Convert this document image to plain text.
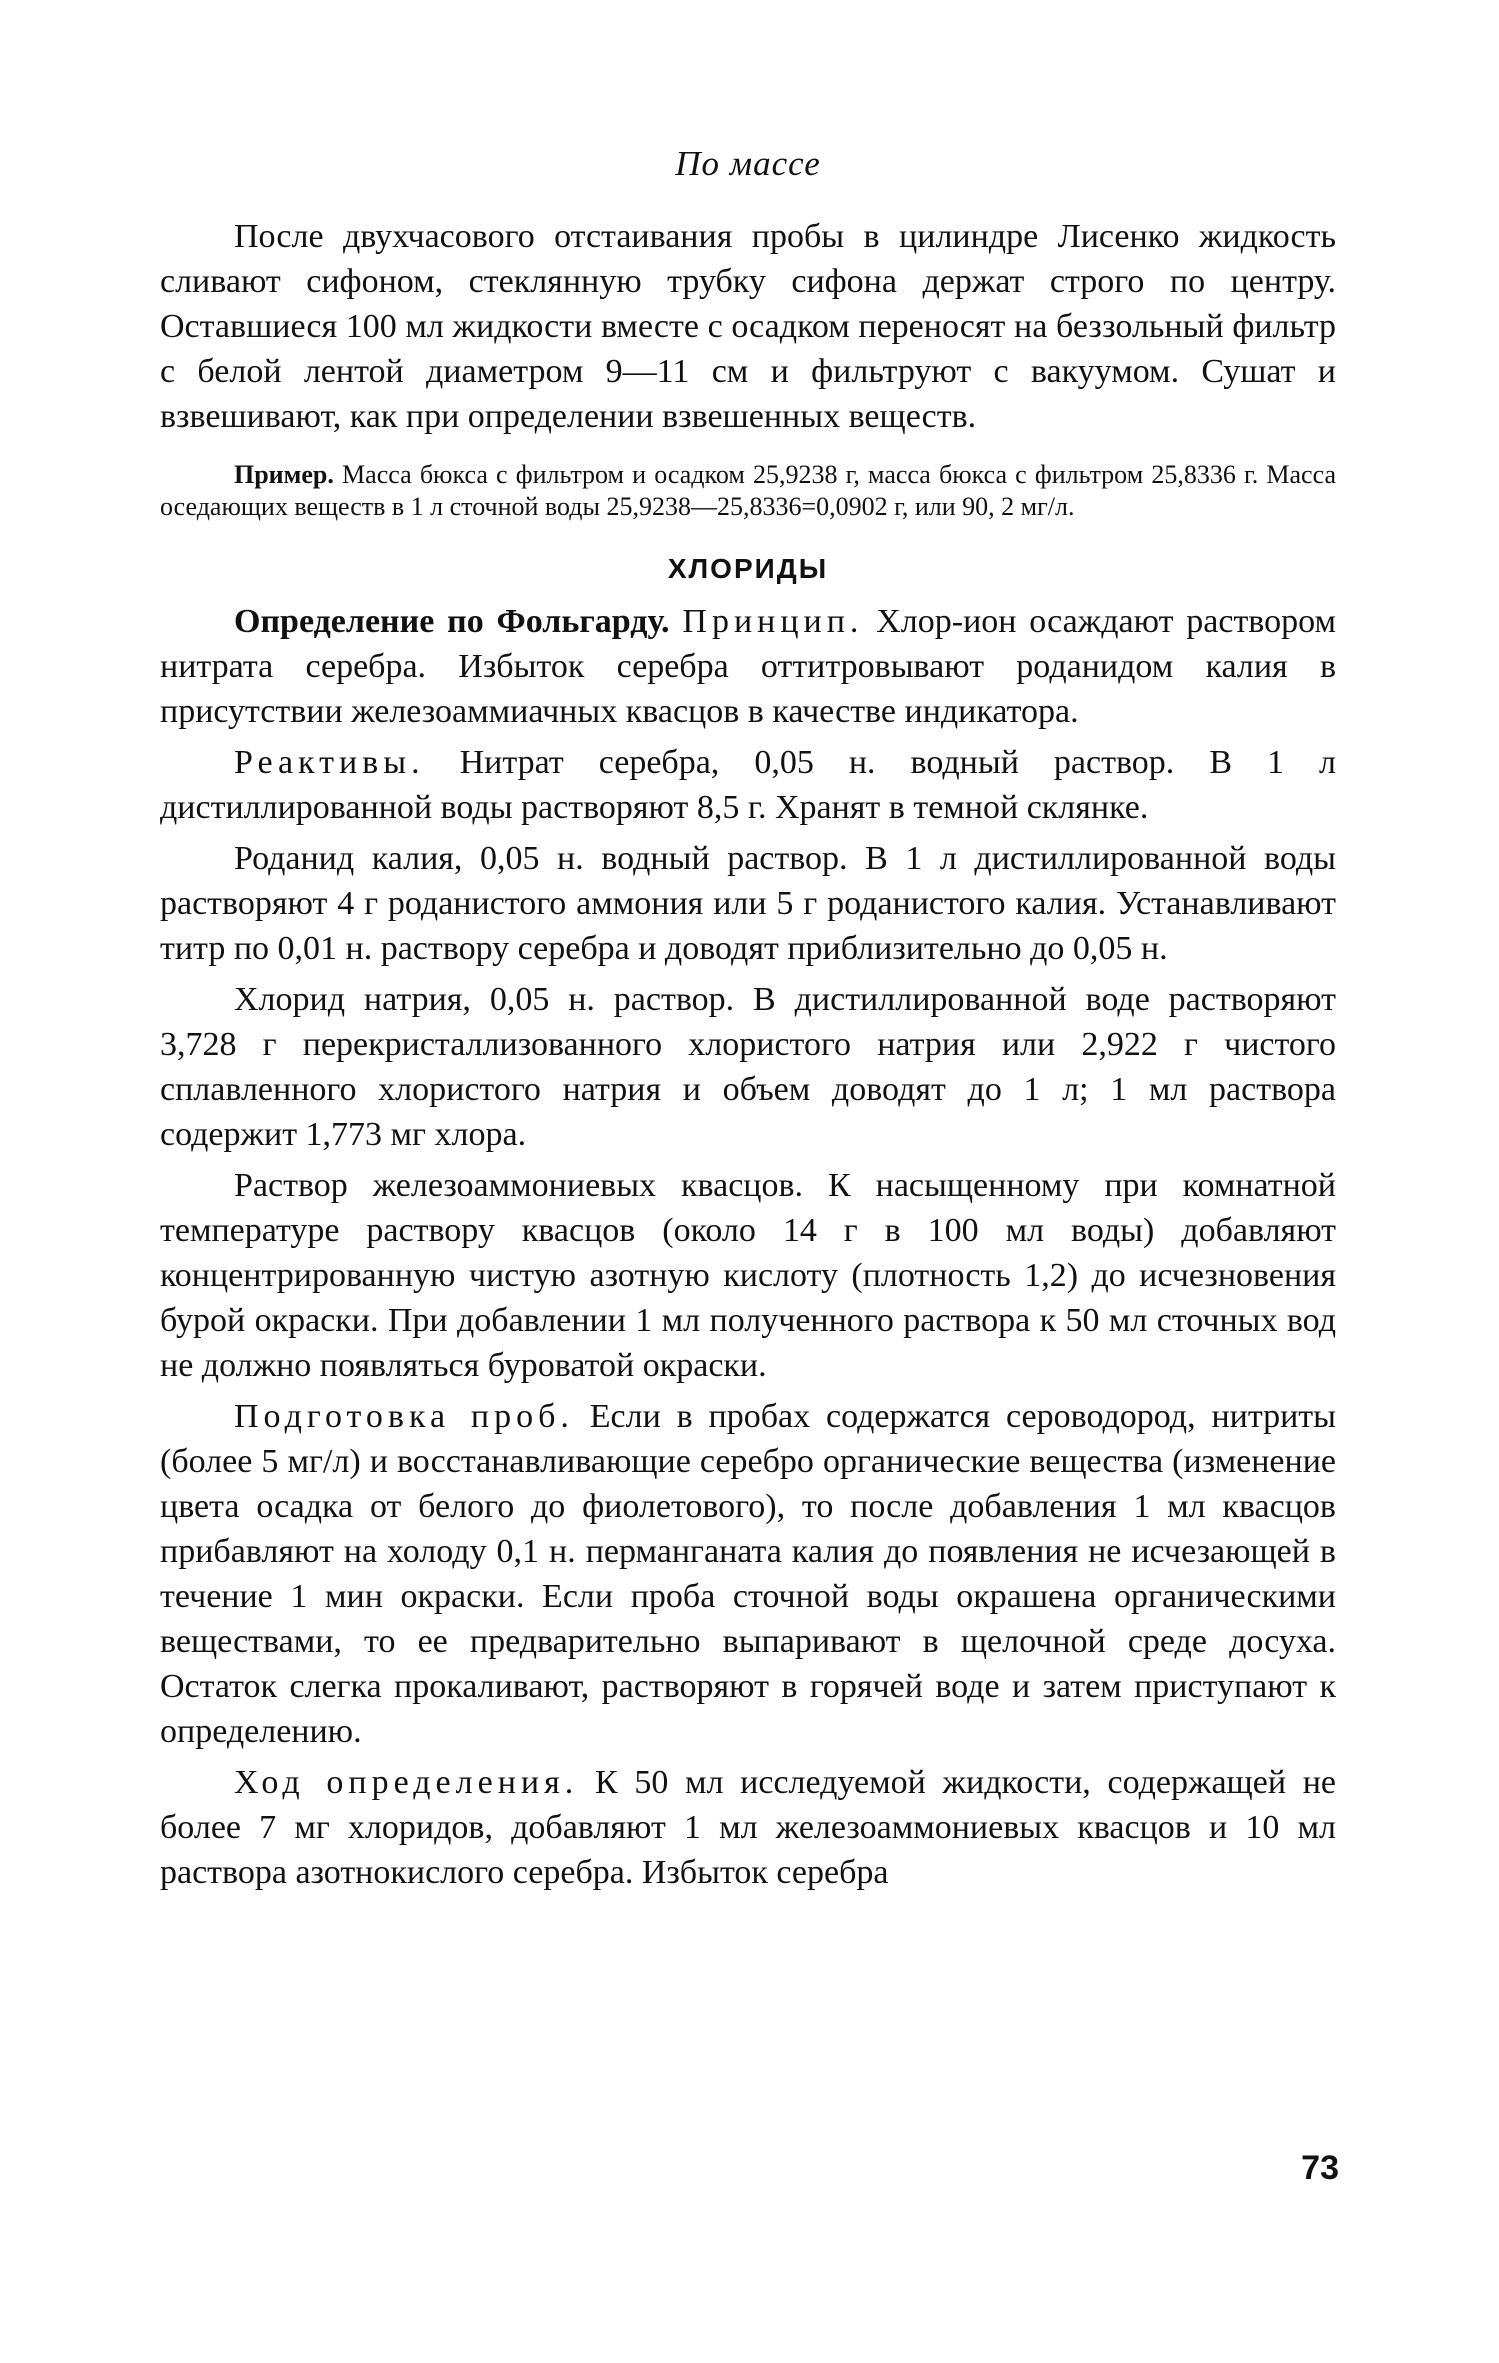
По массе

После двухчасового отстаивания пробы в цилиндре Лисенко жидкость сливают сифоном, стеклянную трубку сифона держат строго по центру. Оставшиеся 100 мл жидкости вместе с осадком переносят на беззольный фильтр с белой лентой диаметром 9—11 см и фильтруют с вакуумом. Сушат и взвешивают, как при определении взвешенных веществ.

Пример. Масса бюкса с фильтром и осадком 25,9238 г, масса бюкса с фильтром 25,8336 г. Масса оседающих веществ в 1 л сточной воды 25,9238—25,8336=0,0902 г, или 90, 2 мг/л.

ХЛОРИДЫ

Определение по Фольгарду. Принцип. Хлор-ион осаждают раствором нитрата серебра. Избыток серебра оттитровывают роданидом калия в присутствии железоаммиачных квасцов в качестве индикатора.

Реактивы. Нитрат серебра, 0,05 н. водный раствор. В 1 л дистиллированной воды растворяют 8,5 г. Хранят в темной склянке.

Роданид калия, 0,05 н. водный раствор. В 1 л дистиллированной воды растворяют 4 г роданистого аммония или 5 г роданистого калия. Устанавливают титр по 0,01 н. раствору серебра и доводят приблизительно до 0,05 н.

Хлорид натрия, 0,05 н. раствор. В дистиллированной воде растворяют 3,728 г перекристаллизованного хлористого натрия или 2,922 г чистого сплавленного хлористого натрия и объем доводят до 1 л; 1 мл раствора содержит 1,773 мг хлора.

Раствор железоаммониевых квасцов. К насыщенному при комнатной температуре раствору квасцов (около 14 г в 100 мл воды) добавляют концентрированную чистую азотную кислоту (плотность 1,2) до исчезновения бурой окраски. При добавлении 1 мл полученного раствора к 50 мл сточных вод не должно появляться буроватой окраски.

Подготовка проб. Если в пробах содержатся сероводород, нитриты (более 5 мг/л) и восстанавливающие серебро органические вещества (изменение цвета осадка от белого до фиолетового), то после добавления 1 мл квасцов прибавляют на холоду 0,1 н. перманганата калия до появления не исчезающей в течение 1 мин окраски. Если проба сточной воды окрашена органическими веществами, то ее предварительно выпаривают в щелочной среде досуха. Остаток слегка прокаливают, растворяют в горячей воде и затем приступают к определению.

Ход определения. К 50 мл исследуемой жидкости, содержащей не более 7 мг хлоридов, добавляют 1 мл железоаммониевых квасцов и 10 мл раствора азотнокислого серебра. Избыток серебра

73
